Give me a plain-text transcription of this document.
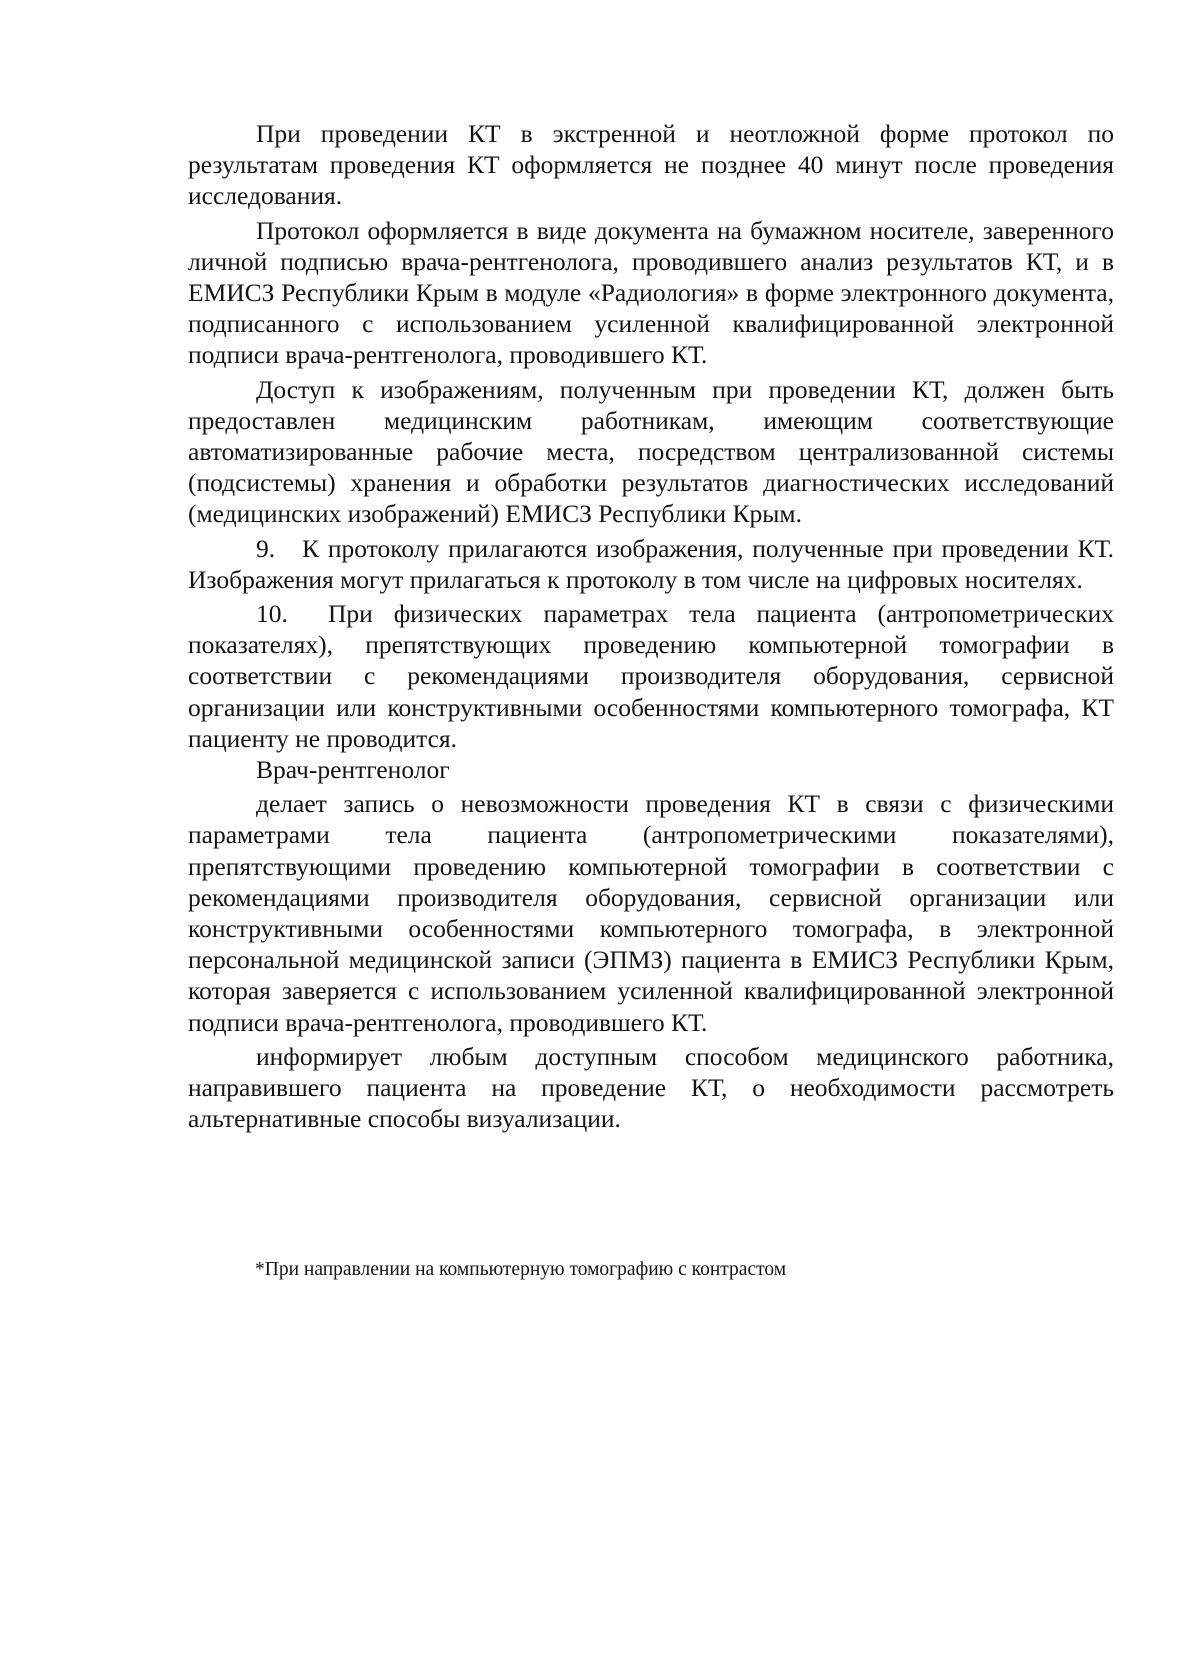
При проведении КТ в экстренной и неотложной форме протокол по результатам проведения КТ оформляется не позднее 40 минут после проведения исследования.

Протокол оформляется в виде документа на бумажном носителе, заверенного личной подписью врача-рентгенолога, проводившего анализ результатов КТ, и в ЕМИСЗ Республики Крым в модуле «Радиология» в форме электронного документа, подписанного с использованием усиленной квалифицированной электронной подписи врача-рентгенолога, проводившего КТ.

Доступ к изображениям, полученным при проведении КТ, должен быть предоставлен медицинским работникам, имеющим соответствующие автоматизированные рабочие места, посредством централизованной системы (подсистемы) хранения и обработки результатов диагностических исследований (медицинских изображений) ЕМИСЗ Республики Крым.

9. К протоколу прилагаются изображения, полученные при проведении КТ. Изображения могут прилагаться к протоколу в том числе на цифровых носителях.

10. При физических параметрах тела пациента (антропометрических показателях), препятствующих проведению компьютерной томографии в соответствии с рекомендациями производителя оборудования, сервисной организации или конструктивными особенностями компьютерного томографа, КТ пациенту не проводится.

Врач-рентгенолог

делает запись о невозможности проведения КТ в связи с физическими параметрами тела пациента (антропометрическими показателями), препятствующими проведению компьютерной томографии в соответствии с рекомендациями производителя оборудования, сервисной организации или конструктивными особенностями компьютерного томографа, в электронной персональной медицинской записи (ЭПМЗ) пациента в ЕМИСЗ Республики Крым, которая заверяется с использованием усиленной квалифицированной электронной подписи врача-рентгенолога, проводившего КТ.

информирует любым доступным способом медицинского работника, направившего пациента на проведение КТ, о необходимости рассмотреть альтернативные способы визуализации.

*При направлении на компьютерную томографию с контрастом
